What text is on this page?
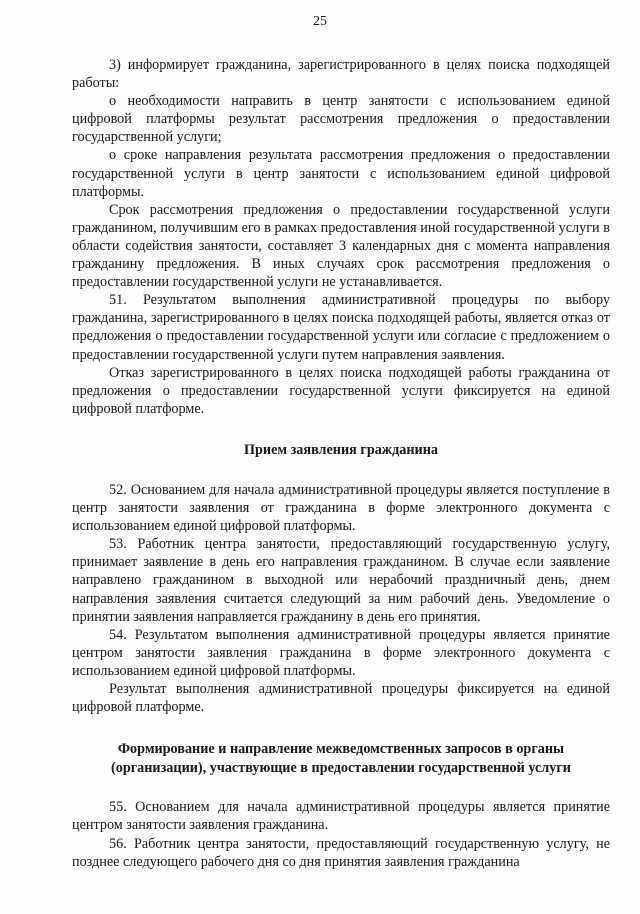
25

3) информирует гражданина, зарегистрированного в целях поиска подходящей работы:

о необходимости направить в центр занятости с использованием единой цифровой платформы результат рассмотрения предложения о предоставлении государственной услуги;

о сроке направления результата рассмотрения предложения о предоставлении государственной услуги в центр занятости с использованием единой цифровой платформы.

Срок рассмотрения предложения о предоставлении государственной услуги гражданином, получившим его в рамках предоставления иной государственной услуги в области содействия занятости, составляет 3 календарных дня с момента направления гражданину предложения. В иных случаях срок рассмотрения предложения о предоставлении государственной услуги не устанавливается.

51. Результатом выполнения административной процедуры по выбору гражданина, зарегистрированного в целях поиска подходящей работы, является отказ от предложения о предоставлении государственной услуги или согласие с предложением о предоставлении государственной услуги путем направления заявления.

Отказ зарегистрированного в целях поиска подходящей работы гражданина от предложения о предоставлении государственной услуги фиксируется на единой цифровой платформе.

Прием заявления гражданина

52. Основанием для начала административной процедуры является поступление в центр занятости заявления от гражданина в форме электронного документа с использованием единой цифровой платформы.

53. Работник центра занятости, предоставляющий государственную услугу, принимает заявление в день его направления гражданином. В случае если заявление направлено гражданином в выходной или нерабочий праздничный день, днем направления заявления считается следующий за ним рабочий день. Уведомление о принятии заявления направляется гражданину в день его принятия.

54. Результатом выполнения административной процедуры является принятие центром занятости заявления гражданина в форме электронного документа с использованием единой цифровой платформы.

Результат выполнения административной процедуры фиксируется на единой цифровой платформе.

Формирование и направление межведомственных запросов в органы (организации), участвующие в предоставлении государственной услуги

55. Основанием для начала административной процедуры является принятие центром занятости заявления гражданина.

56. Работник центра занятости, предоставляющий государственную услугу, не позднее следующего рабочего дня со дня принятия заявления гражданина
